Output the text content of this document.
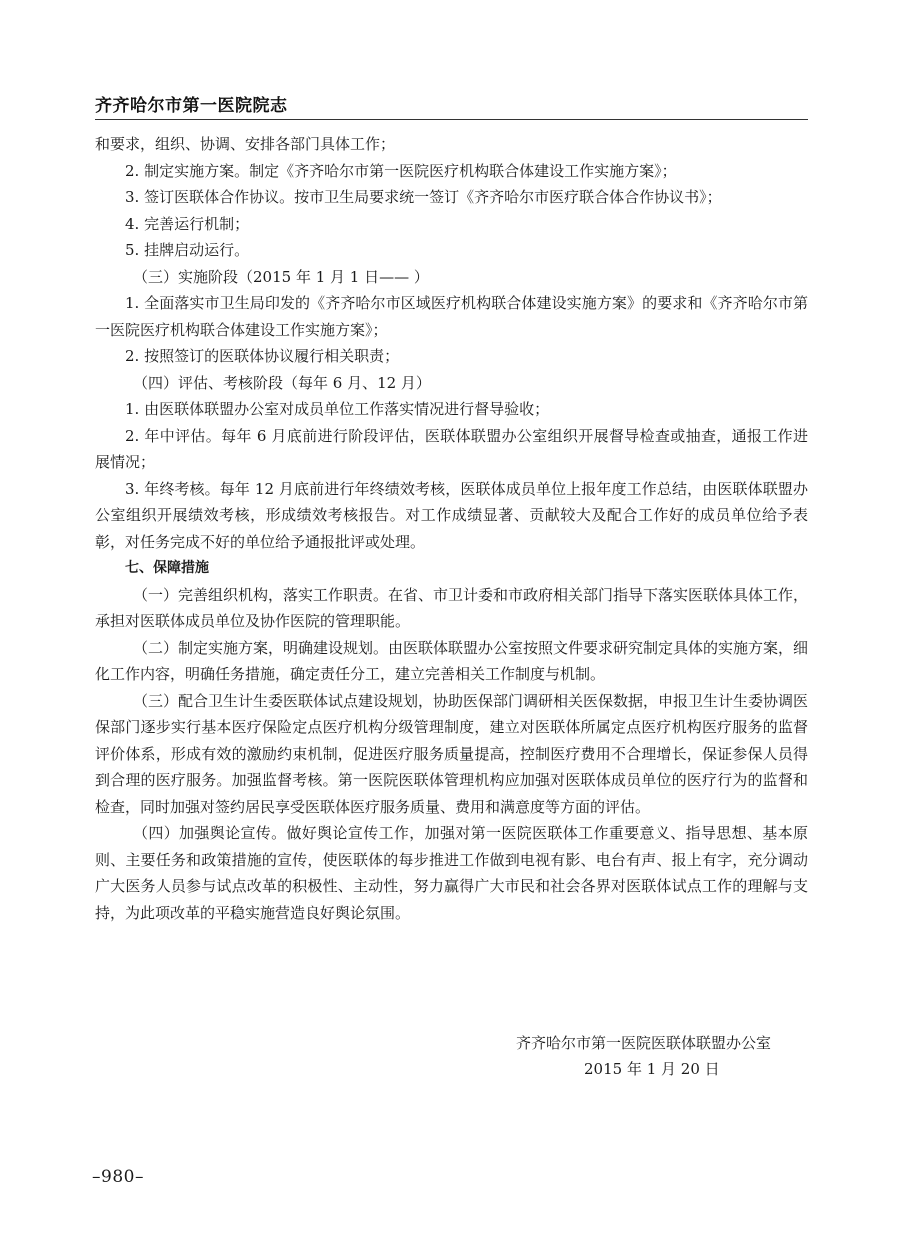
齐齐哈尔市第一医院院志

和要求，组织、协调、安排各部门具体工作；

2. 制定实施方案。制定《齐齐哈尔市第一医院医疗机构联合体建设工作实施方案》；

3. 签订医联体合作协议。按市卫生局要求统一签订《齐齐哈尔市医疗联合体合作协议书》；

4. 完善运行机制；

5. 挂牌启动运行。

（三）实施阶段（2015 年 1 月 1 日—— ）

1. 全面落实市卫生局印发的《齐齐哈尔市区域医疗机构联合体建设实施方案》的要求和《齐齐哈尔市第一医院医疗机构联合体建设工作实施方案》；

2. 按照签订的医联体协议履行相关职责；

（四）评估、考核阶段（每年 6 月、12 月）

1. 由医联体联盟办公室对成员单位工作落实情况进行督导验收；

2. 年中评估。每年 6 月底前进行阶段评估，医联体联盟办公室组织开展督导检查或抽查，通报工作进展情况；

3. 年终考核。每年 12 月底前进行年终绩效考核，医联体成员单位上报年度工作总结，由医联体联盟办公室组织开展绩效考核，形成绩效考核报告。对工作成绩显著、贡献较大及配合工作好的成员单位给予表彰，对任务完成不好的单位给予通报批评或处理。

七、保障措施

（一）完善组织机构，落实工作职责。在省、市卫计委和市政府相关部门指导下落实医联体具体工作，承担对医联体成员单位及协作医院的管理职能。

（二）制定实施方案，明确建设规划。由医联体联盟办公室按照文件要求研究制定具体的实施方案，细化工作内容，明确任务措施，确定责任分工，建立完善相关工作制度与机制。

（三）配合卫生计生委医联体试点建设规划，协助医保部门调研相关医保数据，申报卫生计生委协调医保部门逐步实行基本医疗保险定点医疗机构分级管理制度，建立对医联体所属定点医疗机构医疗服务的监督评价体系，形成有效的激励约束机制，促进医疗服务质量提高，控制医疗费用不合理增长，保证参保人员得到合理的医疗服务。加强监督考核。第一医院医联体管理机构应加强对医联体成员单位的医疗行为的监督和检查，同时加强对签约居民享受医联体医疗服务质量、费用和满意度等方面的评估。

（四）加强舆论宣传。做好舆论宣传工作，加强对第一医院医联体工作重要意义、指导思想、基本原则、主要任务和政策措施的宣传，使医联体的每步推进工作做到电视有影、电台有声、报上有字，充分调动广大医务人员参与试点改革的积极性、主动性，努力赢得广大市民和社会各界对医联体试点工作的理解与支持，为此项改革的平稳实施营造良好舆论氛围。

齐齐哈尔市第一医院医联体联盟办公室
2015 年 1 月 20 日
–980–
